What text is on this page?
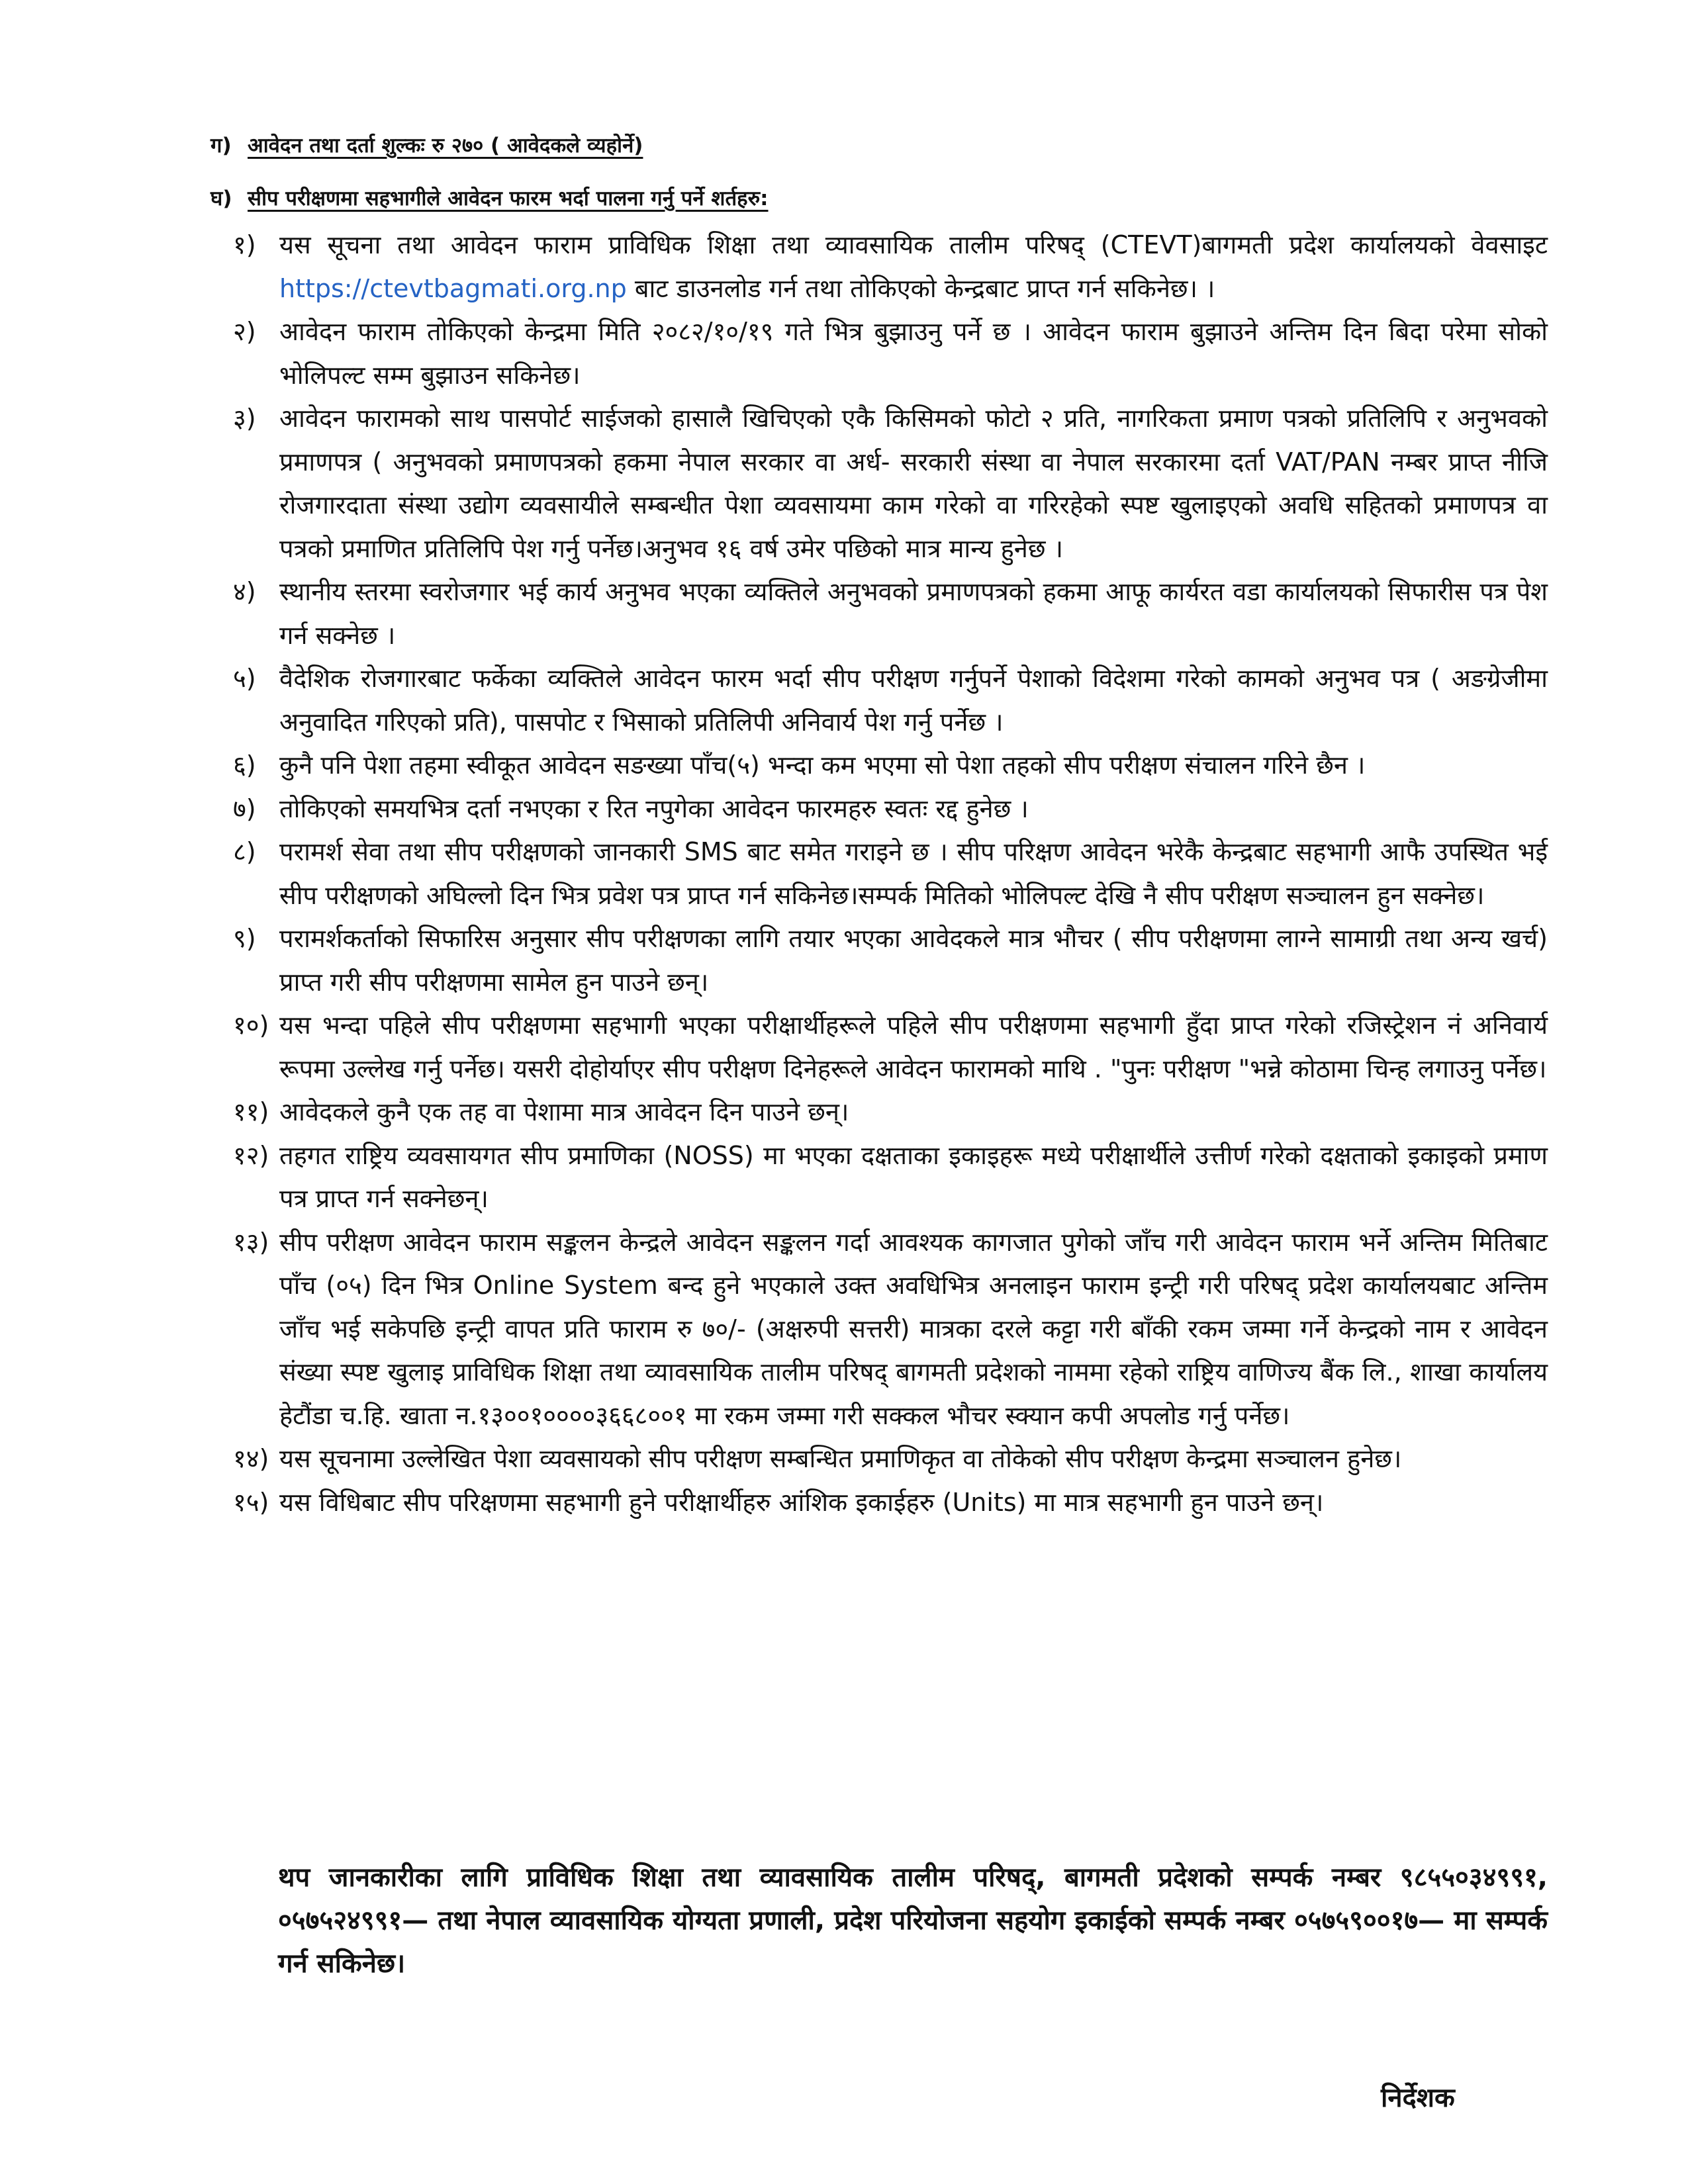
ग) आवेदन तथा दर्ता शुल्कः रु २७० ( आवेदकले व्यहोर्ने)
घ) सीप परीक्षणमा सहभागीले आवेदन फारम भर्दा पालना गर्नु पर्ने शर्तहरु:
१) यस सूचना तथा आवेदन फाराम प्राविधिक शिक्षा तथा व्यावसायिक तालीम परिषद् (CTEVT)बागमती प्रदेश कार्यालयको वेवसाइट https://ctevtbagmati.org.np बाट डाउनलोड गर्न तथा तोकिएको केन्द्रबाट प्राप्त गर्न सकिनेछ। ।
२) आवेदन फाराम तोकिएको केन्द्रमा मिति २०८२/१०/१९ गते भित्र बुझाउनु पर्ने छ । आवेदन फाराम बुझाउने अन्तिम दिन बिदा परेमा सोको भोलिपल्ट सम्म बुझाउन सकिनेछ।
३) आवेदन फारामको साथ पासपोर्ट साईजको हासालै खिचिएको एकै किसिमको फोटो २ प्रति, नागरिकता प्रमाण पत्रको प्रतिलिपि र अनुभवको प्रमाणपत्र ( अनुभवको प्रमाणपत्रको हकमा नेपाल सरकार वा अर्ध- सरकारी संस्था वा नेपाल सरकारमा दर्ता VAT/PAN नम्बर प्राप्त नीजि रोजगारदाता संस्था उद्योग व्यवसायीले सम्बन्धीत पेशा व्यवसायमा काम गरेको वा गरिरहेको स्पष्ट खुलाइएको अवधि सहितको प्रमाणपत्र वा पत्रको प्रमाणित प्रतिलिपि पेश गर्नु पर्नेछ।अनुभव १६ वर्ष उमेर पछिको मात्र मान्य हुनेछ ।
४) स्थानीय स्तरमा स्वरोजगार भई कार्य अनुभव भएका व्यक्तिले अनुभवको प्रमाणपत्रको हकमा आफू कार्यरत वडा कार्यालयको सिफारीस पत्र पेश गर्न सक्नेछ ।
५) वैदेशिक रोजगारबाट फर्केका व्यक्तिले आवेदन फारम भर्दा सीप परीक्षण गर्नुपर्ने पेशाको विदेशमा गरेको कामको अनुभव पत्र ( अङग्रेजीमा अनुवादित गरिएको प्रति), पासपोट र भिसाको प्रतिलिपी अनिवार्य पेश गर्नु पर्नेछ ।
६) कुनै पनि पेशा तहमा स्वीकूत आवेदन सङख्या पाँच(५) भन्दा कम भएमा सो पेशा तहको सीप परीक्षण संचालन गरिने छैन ।
७) तोकिएको समयभित्र दर्ता नभएका र रित नपुगेका आवेदन फारमहरु स्वतः रद्द हुनेछ ।
८) परामर्श सेवा तथा सीप परीक्षणको जानकारी SMS बाट समेत गराइने छ । सीप परिक्षण आवेदन भरेकै केन्द्रबाट सहभागी आफै उपस्थित भई सीप परीक्षणको अघिल्लो दिन भित्र प्रवेश पत्र प्राप्त गर्न सकिनेछ।सम्पर्क मितिको भोलिपल्ट देखि नै सीप परीक्षण सञ्चालन हुन सक्नेछ।
९) परामर्शकर्ताको सिफारिस अनुसार सीप परीक्षणका लागि तयार भएका आवेदकले मात्र भौचर ( सीप परीक्षणमा लाग्ने सामाग्री तथा अन्य खर्च) प्राप्त गरी सीप परीक्षणमा सामेल हुन पाउने छन्।
१०) यस भन्दा पहिले सीप परीक्षणमा सहभागी भएका परीक्षार्थीहरूले पहिले सीप परीक्षणमा सहभागी हुँदा प्राप्त गरेको रजिस्ट्रेशन नं अनिवार्य रूपमा उल्लेख गर्नु पर्नेछ। यसरी दोहोर्याएर सीप परीक्षण दिनेहरूले आवेदन फारामको माथि . "पुनः परीक्षण "भन्ने कोठामा चिन्ह लगाउनु पर्नेछ।
११) आवेदकले कुनै एक तह वा पेशामा मात्र आवेदन दिन पाउने छन्।
१२) तहगत राष्ट्रिय व्यवसायगत सीप प्रमाणिका (NOSS) मा भएका दक्षताका इकाइहरू मध्ये परीक्षार्थीले उत्तीर्ण गरेको दक्षताको इकाइको प्रमाण पत्र प्राप्त गर्न सक्नेछन्।
१३) सीप परीक्षण आवेदन फाराम सङ्कलन केन्द्रले आवेदन सङ्कलन गर्दा आवश्यक कागजात पुगेको जाँच गरी आवेदन फाराम भर्ने अन्तिम मितिबाट पाँच (०५) दिन भित्र Online System बन्द हुने भएकाले उक्त अवधिभित्र अनलाइन फाराम इन्ट्री गरी परिषद् प्रदेश कार्यालयबाट अन्तिम जाँच भई सकेपछि इन्ट्री वापत प्रति फाराम रु ७०/- (अक्षरुपी सत्तरी) मात्रका दरले कट्टा गरी बाँकी रकम जम्मा गर्ने केन्द्रको नाम र आवेदन संख्या स्पष्ट खुलाइ प्राविधिक शिक्षा तथा व्यावसायिक तालीम परिषद् बागमती प्रदेशको नाममा रहेको राष्ट्रिय वाणिज्य बैंक लि., शाखा कार्यालय हेटौंडा च.हि. खाता न.१३००१००००३६६८००१ मा रकम जम्मा गरी सक्कल भौचर स्क्यान कपी अपलोड गर्नु पर्नेछ।
१४) यस सूचनामा उल्लेखित पेशा व्यवसायको सीप परीक्षण सम्बन्धित प्रमाणिकृत वा तोकेको सीप परीक्षण केन्द्रमा सञ्चालन हुनेछ।
१५) यस विधिबाट सीप परिक्षणमा सहभागी हुने परीक्षार्थीहरु आंशिक इकाईहरु (Units) मा मात्र सहभागी हुन पाउने छन्।
थप जानकारीका लागि प्राविधिक शिक्षा तथा व्यावसायिक तालीम परिषद्, बागमती प्रदेशको सम्पर्क नम्बर ९८५५०३४९९१, ०५७५२४९९१— तथा नेपाल व्यावसायिक योग्यता प्रणाली, प्रदेश परियोजना सहयोग इकाईको सम्पर्क नम्बर ०५७५९००१७— मा सम्पर्क गर्न सकिनेछ।
निर्देशक
